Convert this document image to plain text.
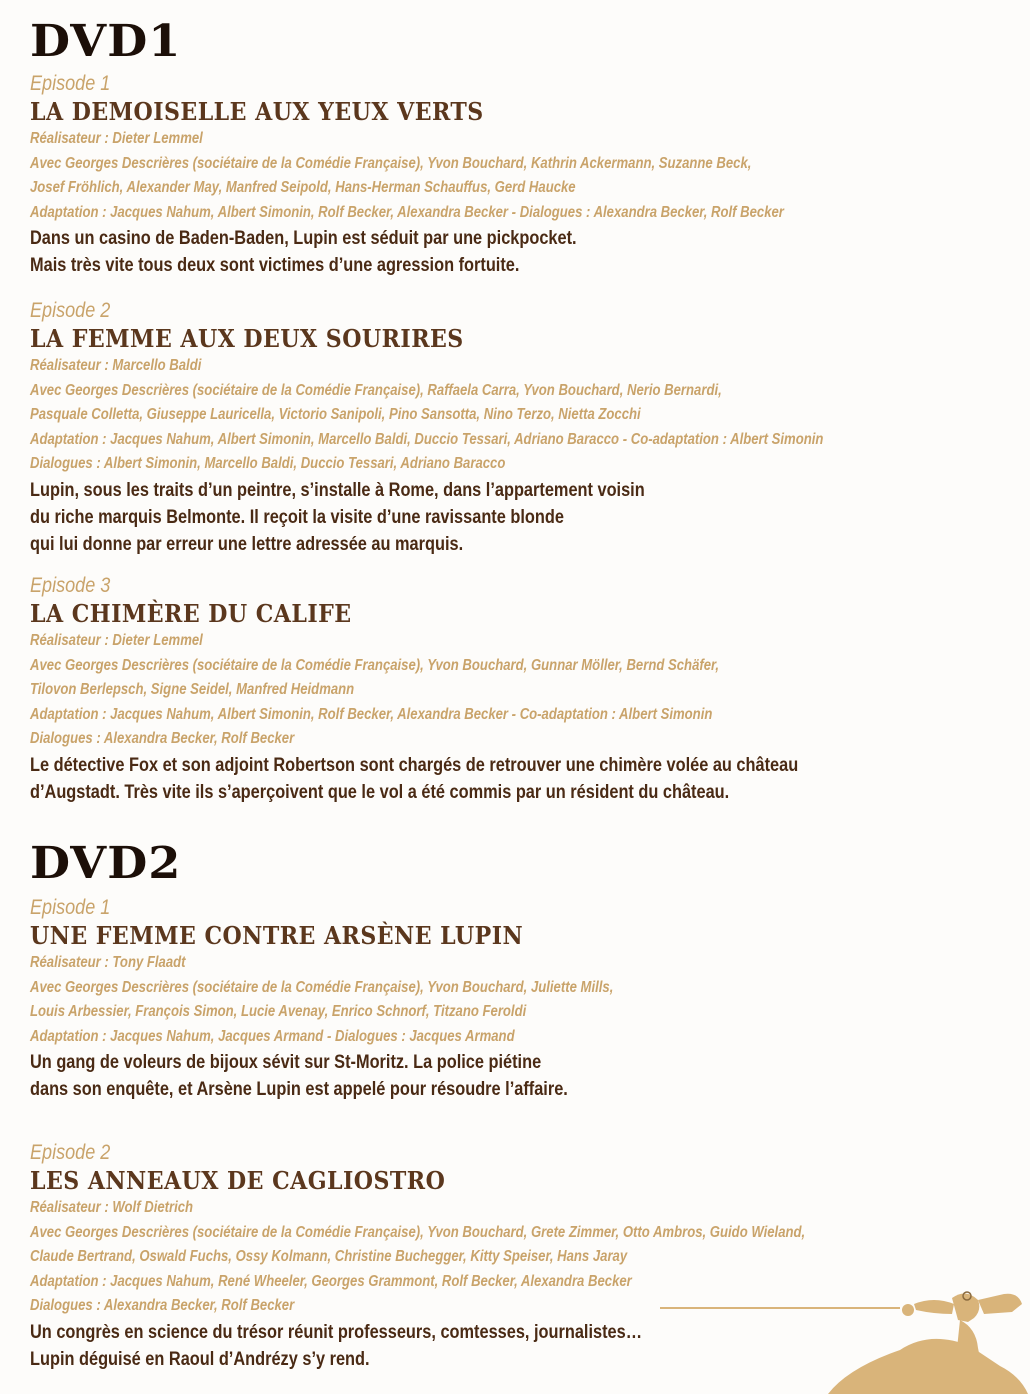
DVD1
Episode 1
LA DEMOISELLE AUX YEUX VERTS
Réalisateur : Dieter Lemmel
Avec Georges Descrières (sociétaire de la Comédie Française), Yvon Bouchard, Kathrin Ackermann, Suzanne Beck,
Josef Fröhlich, Alexander May, Manfred Seipold, Hans-Herman Schauffus, Gerd Haucke
Adaptation : Jacques Nahum, Albert Simonin, Rolf Becker, Alexandra Becker - Dialogues : Alexandra Becker, Rolf Becker
Dans un casino de Baden-Baden, Lupin est séduit par une pickpocket.
Mais très vite tous deux sont victimes d’une agression fortuite.
Episode 2
LA FEMME AUX DEUX SOURIRES
Réalisateur : Marcello Baldi
Avec Georges Descrières (sociétaire de la Comédie Française), Raffaela Carra, Yvon Bouchard, Nerio Bernardi,
Pasquale Colletta, Giuseppe Lauricella, Victorio Sanipoli, Pino Sansotta, Nino Terzo, Nietta Zocchi
Adaptation : Jacques Nahum, Albert Simonin, Marcello Baldi, Duccio Tessari, Adriano Baracco - Co-adaptation : Albert Simonin
Dialogues : Albert Simonin, Marcello Baldi, Duccio Tessari, Adriano Baracco
Lupin, sous les traits d’un peintre, s’installe à Rome, dans l’appartement voisin
du riche marquis Belmonte. Il reçoit la visite d’une ravissante blonde
qui lui donne par erreur une lettre adressée au marquis.
Episode 3
LA CHIMÈRE DU CALIFE
Réalisateur : Dieter Lemmel
Avec Georges Descrières (sociétaire de la Comédie Française), Yvon Bouchard, Gunnar Möller, Bernd Schäfer,
Tilovon Berlepsch, Signe Seidel, Manfred Heidmann
Adaptation : Jacques Nahum, Albert Simonin, Rolf Becker, Alexandra Becker - Co-adaptation : Albert Simonin
Dialogues : Alexandra Becker, Rolf Becker
Le détective Fox et son adjoint Robertson sont chargés de retrouver une chimère volée au château
d’Augstadt. Très vite ils s’aperçoivent que le vol a été commis par un résident du château.
DVD2
Episode 1
UNE FEMME CONTRE ARSÈNE LUPIN
Réalisateur : Tony Flaadt
Avec Georges Descrières (sociétaire de la Comédie Française), Yvon Bouchard, Juliette Mills,
Louis Arbessier, François Simon, Lucie Avenay, Enrico Schnorf, Titzano Feroldi
Adaptation : Jacques Nahum, Jacques Armand - Dialogues : Jacques Armand
Un gang de voleurs de bijoux sévit sur St-Moritz. La police piétine
dans son enquête, et Arsène Lupin est appelé pour résoudre l’affaire.
Episode 2
LES ANNEAUX DE CAGLIOSTRO
Réalisateur : Wolf Dietrich
Avec Georges Descrières (sociétaire de la Comédie Française), Yvon Bouchard, Grete Zimmer, Otto Ambros, Guido Wieland,
Claude Bertrand, Oswald Fuchs, Ossy Kolmann, Christine Buchegger, Kitty Speiser, Hans Jaray
Adaptation : Jacques Nahum, René Wheeler, Georges Grammont, Rolf Becker, Alexandra Becker
Dialogues : Alexandra Becker, Rolf Becker
Un congrès en science du trésor réunit professeurs, comtesses, journalistes…
Lupin déguisé en Raoul d’Andrézy s’y rend.
